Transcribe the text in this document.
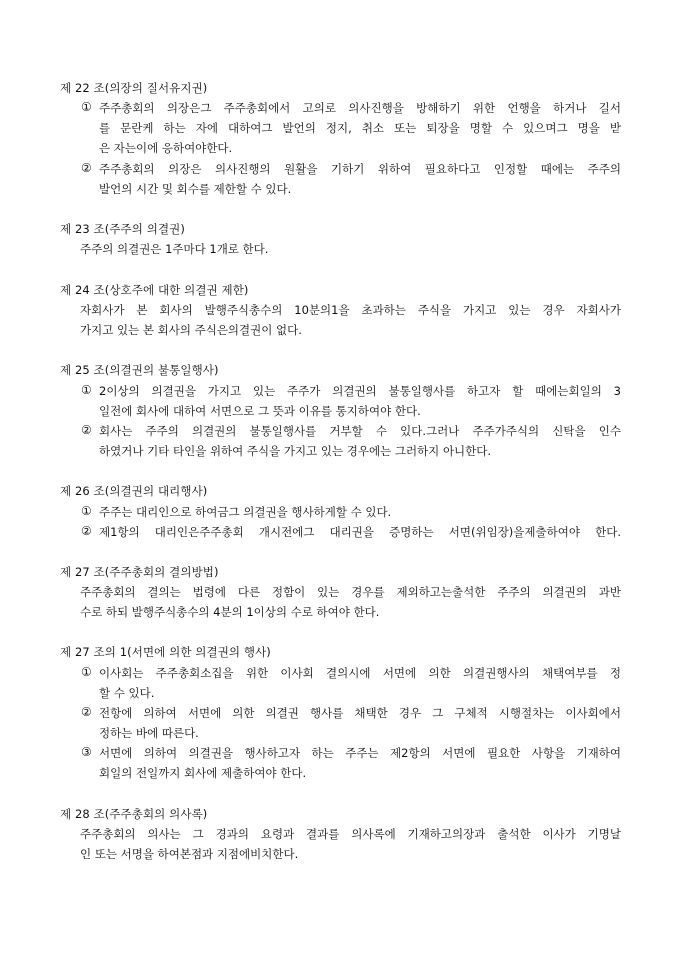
제 22 조(의장의 질서유지권)
① 주주총회의 의장은그 주주총회에서 고의로 의사진행을 방해하기 위한 언행을 하거나 길서
를 문란케 하는 자에 대하여그 발언의 정지, 취소 또는 퇴장을 명할 수 있으며그 명을 받
은 자는이에 응하여야한다.
② 주주총회의 의장은 의사진행의 원활을 기하기 위하여 필요하다고 인정할 때에는 주주의
발언의 시간 및 회수를 제한할 수 있다.
제 23 조(주주의 의결권)
주주의 의결권은 1주마다 1개로 한다.
제 24 조(상호주에 대한 의결권 제한)
자회사가 본 회사의 발행주식총수의 10분의1을 초과하는 주식을 가지고 있는 경우 자회사가
가지고 있는 본 회사의 주식은의결권이 없다.
제 25 조(의결권의 불통일행사)
① 2이상의 의결권을 가지고 있는 주주가 의결권의 불통일행사를 하고자 할 때에는회일의 3
일전에 회사에 대하여 서면으로 그 뜻과 이유를 통지하여야 한다.
② 회사는 주주의 의결권의 불통일행사를 거부할 수 있다.그러나 주주가주식의 신탁을 인수
하였거나 기타 타인을 위하여 주식을 가지고 있는 경우에는 그러하지 아니한다.
제 26 조(의결권의 대리행사)
① 주주는 대리인으로 하여금그 의결권을 행사하게할 수 있다.
② 제1항의 대리인은주주총회 개시전에그 대리권을 증명하는 서면(위임장)을제출하여야 한다.
제 27 조(주주총회의 결의방법)
주주총회의 결의는 법령에 다른 정함이 있는 경우를 제외하고는출석한 주주의 의결권의 과반
수로 하되 발행주식총수의 4분의 1이상의 수로 하여야 한다.
제 27 조의 1(서면에 의한 의결권의 행사)
① 이사회는 주주총회소집을 위한 이사회 결의시에 서면에 의한 의결권행사의 채택여부를 정
할 수 있다.
② 전항에 의하여 서면에 의한 의결권 행사를 채택한 경우 그 구체적 시행절차는 이사회에서
정하는 바에 따른다.
③ 서면에 의하여 의결권을 행사하고자 하는 주주는 제2항의 서면에 필요한 사항을 기재하여
회일의 전일까지 회사에 제출하여야 한다.
제 28 조(주주총회의 의사록)
주주총회의 의사는 그 경과의 요령과 결과를 의사록에 기재하고의장과 출석한 이사가 기명날
인 또는 서명을 하여본점과 지점에비치한다.
